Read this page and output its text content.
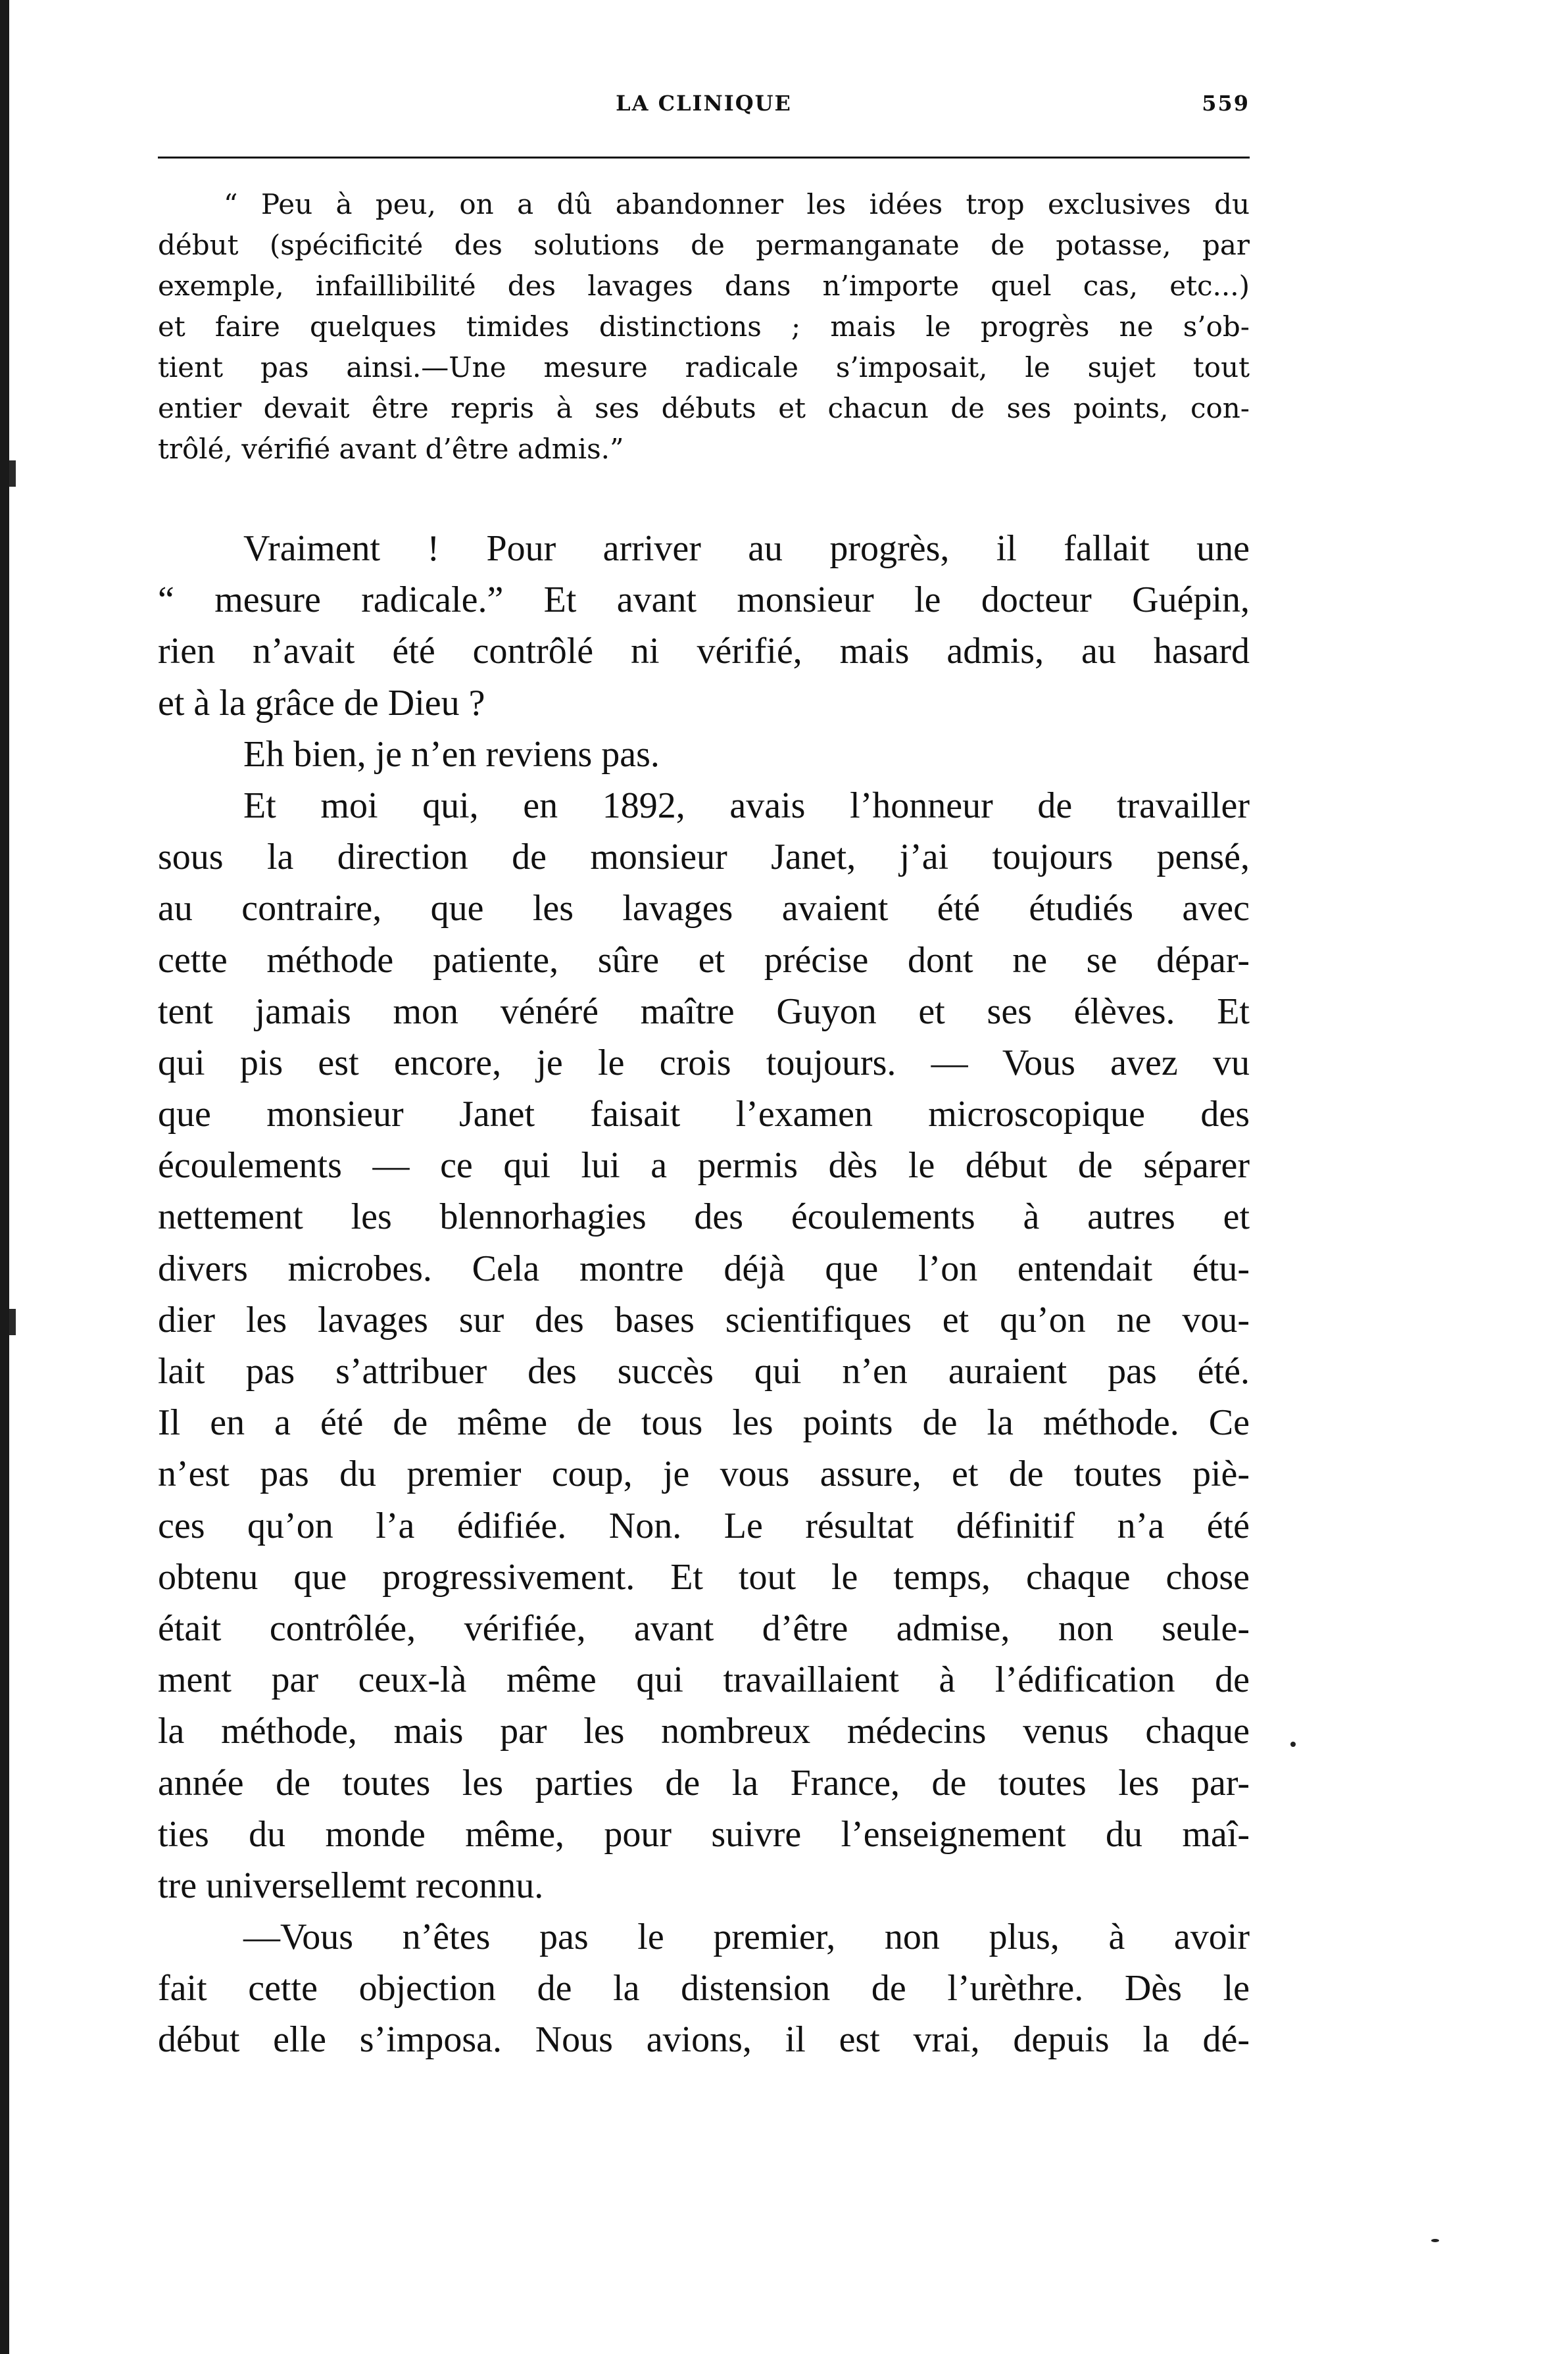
LA CLINIQUE	559
“ Peu à peu, on a dû abandonner les idées trop exclusives du
début (spécificité des solutions de permanganate de potasse, par
exemple, infaillibilité des lavages dans n’importe quel cas, etc...)
et faire quelques timides distinctions ; mais le progrès ne s’ob-
tient pas ainsi.—Une mesure radicale s’imposait, le sujet tout
entier devait être repris à ses débuts et chacun de ses points, con-
trôlé, vérifié avant d’être admis.”
Vraiment ! Pour arriver au progrès, il fallait une
“ mesure radicale.” Et avant monsieur le docteur Guépin,
rien n’avait été contrôlé ni vérifié, mais admis, au hasard
et à la grâce de Dieu ?
Eh bien, je n’en reviens pas.
Et moi qui, en 1892, avais l’honneur de travailler
sous la direction de monsieur Janet, j’ai toujours pensé,
au contraire, que les lavages avaient été étudiés avec
cette méthode patiente, sûre et précise dont ne se dépar-
tent jamais mon vénéré maître Guyon et ses élèves. Et
qui pis est encore, je le crois toujours. — Vous avez vu
que monsieur Janet faisait l’examen microscopique des
écoulements — ce qui lui a permis dès le début de séparer
nettement les blennorhagies des écoulements à autres et
divers microbes. Cela montre déjà que l’on entendait étu-
dier les lavages sur des bases scientifiques et qu’on ne vou-
lait pas s’attribuer des succès qui n’en auraient pas été.
Il en a été de même de tous les points de la méthode. Ce
n’est pas du premier coup, je vous assure, et de toutes piè-
ces qu’on l’a édifiée. Non. Le résultat définitif n’a été
obtenu que progressivement. Et tout le temps, chaque chose
était contrôlée, vérifiée, avant d’être admise, non seule-
ment par ceux-là même qui travaillaient à l’édification de
la méthode, mais par les nombreux médecins venus chaque
année de toutes les parties de la France, de toutes les par-
ties du monde même, pour suivre l’enseignement du maî-
tre universellemt reconnu.
—Vous n’êtes pas le premier, non plus, à avoir
fait cette objection de la distension de l’urèthre. Dès le
début elle s’imposa. Nous avions, il est vrai, depuis la dé-
